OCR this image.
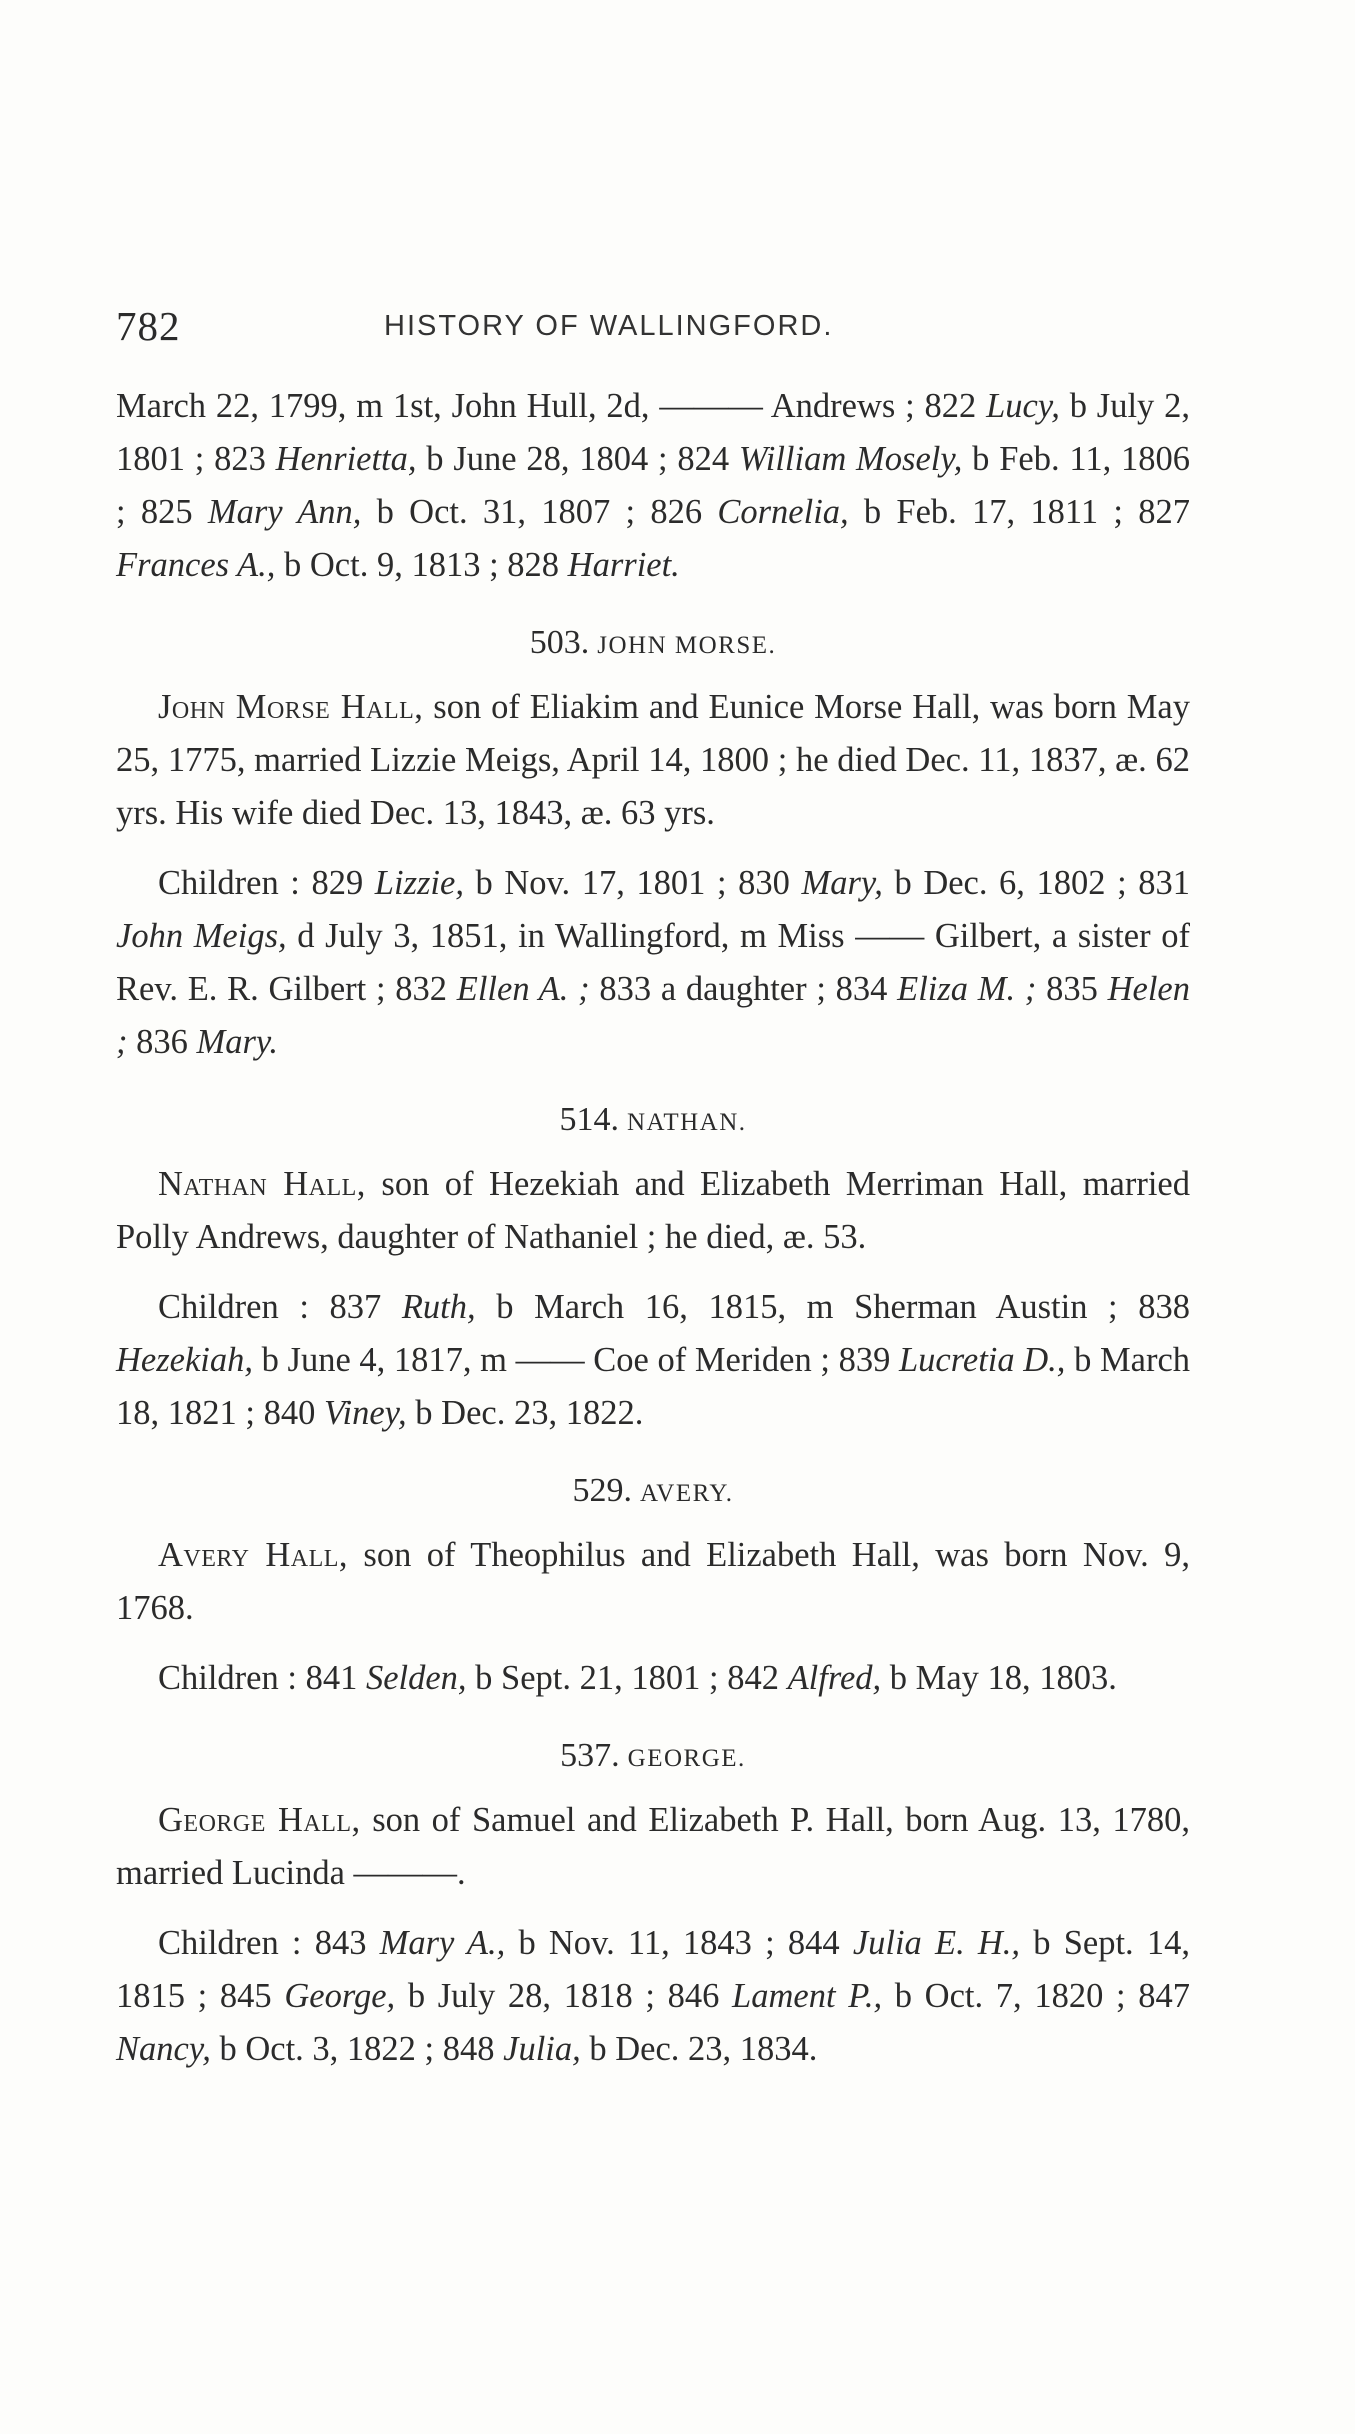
782	HISTORY OF WALLINGFORD.

March 22, 1799, m 1st, John Hull, 2d, ——— Andrews ; 822 Lucy, b July 2, 1801 ; 823 Henrietta, b June 28, 1804 ; 824 William Mosely, b Feb. 11, 1806 ; 825 Mary Ann, b Oct. 31, 1807 ; 826 Cornelia, b Feb. 17, 1811 ; 827 Frances A., b Oct. 9, 1813 ; 828 Harriet.

503. JOHN MORSE.

John Morse Hall, son of Eliakim and Eunice Morse Hall, was born May 25, 1775, married Lizzie Meigs, April 14, 1800 ; he died Dec. 11, 1837, æ. 62 yrs. His wife died Dec. 13, 1843, æ. 63 yrs.

Children : 829 Lizzie, b Nov. 17, 1801 ; 830 Mary, b Dec. 6, 1802 ; 831 John Meigs, d July 3, 1851, in Wallingford, m Miss —— Gilbert, a sister of Rev. E. R. Gilbert ; 832 Ellen A. ; 833 a daughter ; 834 Eliza M. ; 835 Helen ; 836 Mary.

514. NATHAN.

Nathan Hall, son of Hezekiah and Elizabeth Merriman Hall, married Polly Andrews, daughter of Nathaniel ; he died, æ. 53.

Children : 837 Ruth, b March 16, 1815, m Sherman Austin ; 838 Hezekiah, b June 4, 1817, m —— Coe of Meriden ; 839 Lucretia D., b March 18, 1821 ; 840 Viney, b Dec. 23, 1822.

529. AVERY.

Avery Hall, son of Theophilus and Elizabeth Hall, was born Nov. 9, 1768.

Children : 841 Selden, b Sept. 21, 1801 ; 842 Alfred, b May 18, 1803.

537. GEORGE.

George Hall, son of Samuel and Elizabeth P. Hall, born Aug. 13, 1780, married Lucinda ———.

Children : 843 Mary A., b Nov. 11, 1843 ; 844 Julia E. H., b Sept. 14, 1815 ; 845 George, b July 28, 1818 ; 846 Lament P., b Oct. 7, 1820 ; 847 Nancy, b Oct. 3, 1822 ; 848 Julia, b Dec. 23, 1834.
